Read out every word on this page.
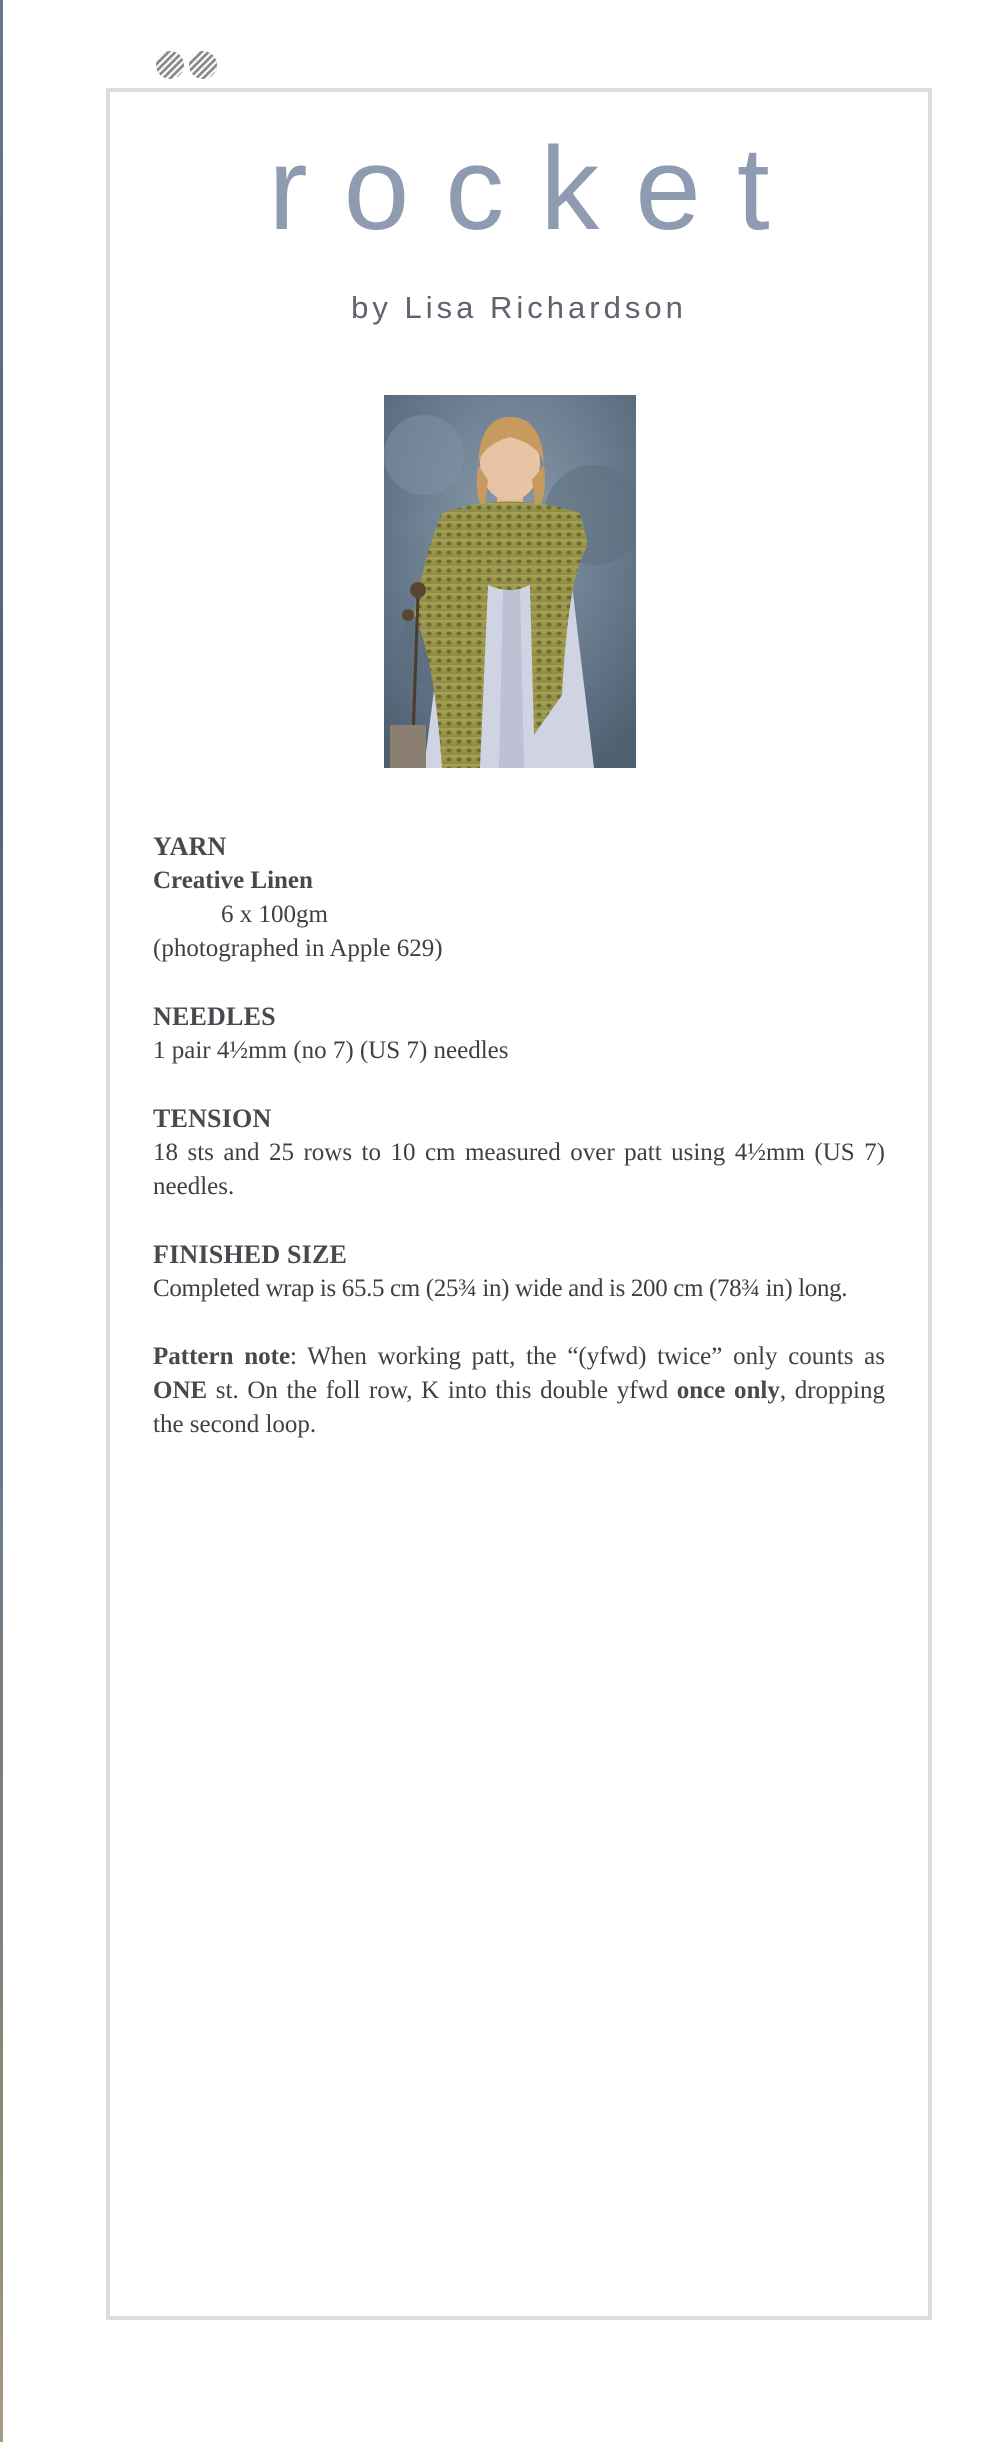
rocket
by Lisa Richardson
YARN
Creative Linen
6 x 100gm
(photographed in Apple 629)
NEEDLES
1 pair 4½mm (no 7) (US 7) needles
TENSION
18 sts and 25 rows to 10 cm measured over patt using 4½mm (US 7) needles.
FINISHED SIZE
Completed wrap is 65.5 cm (25¾ in) wide and is 200 cm (78¾ in) long.
Pattern note: When working patt, the “(yfwd) twice” only counts as ONE st. On the foll row, K into this double yfwd once only, dropping the second loop.
